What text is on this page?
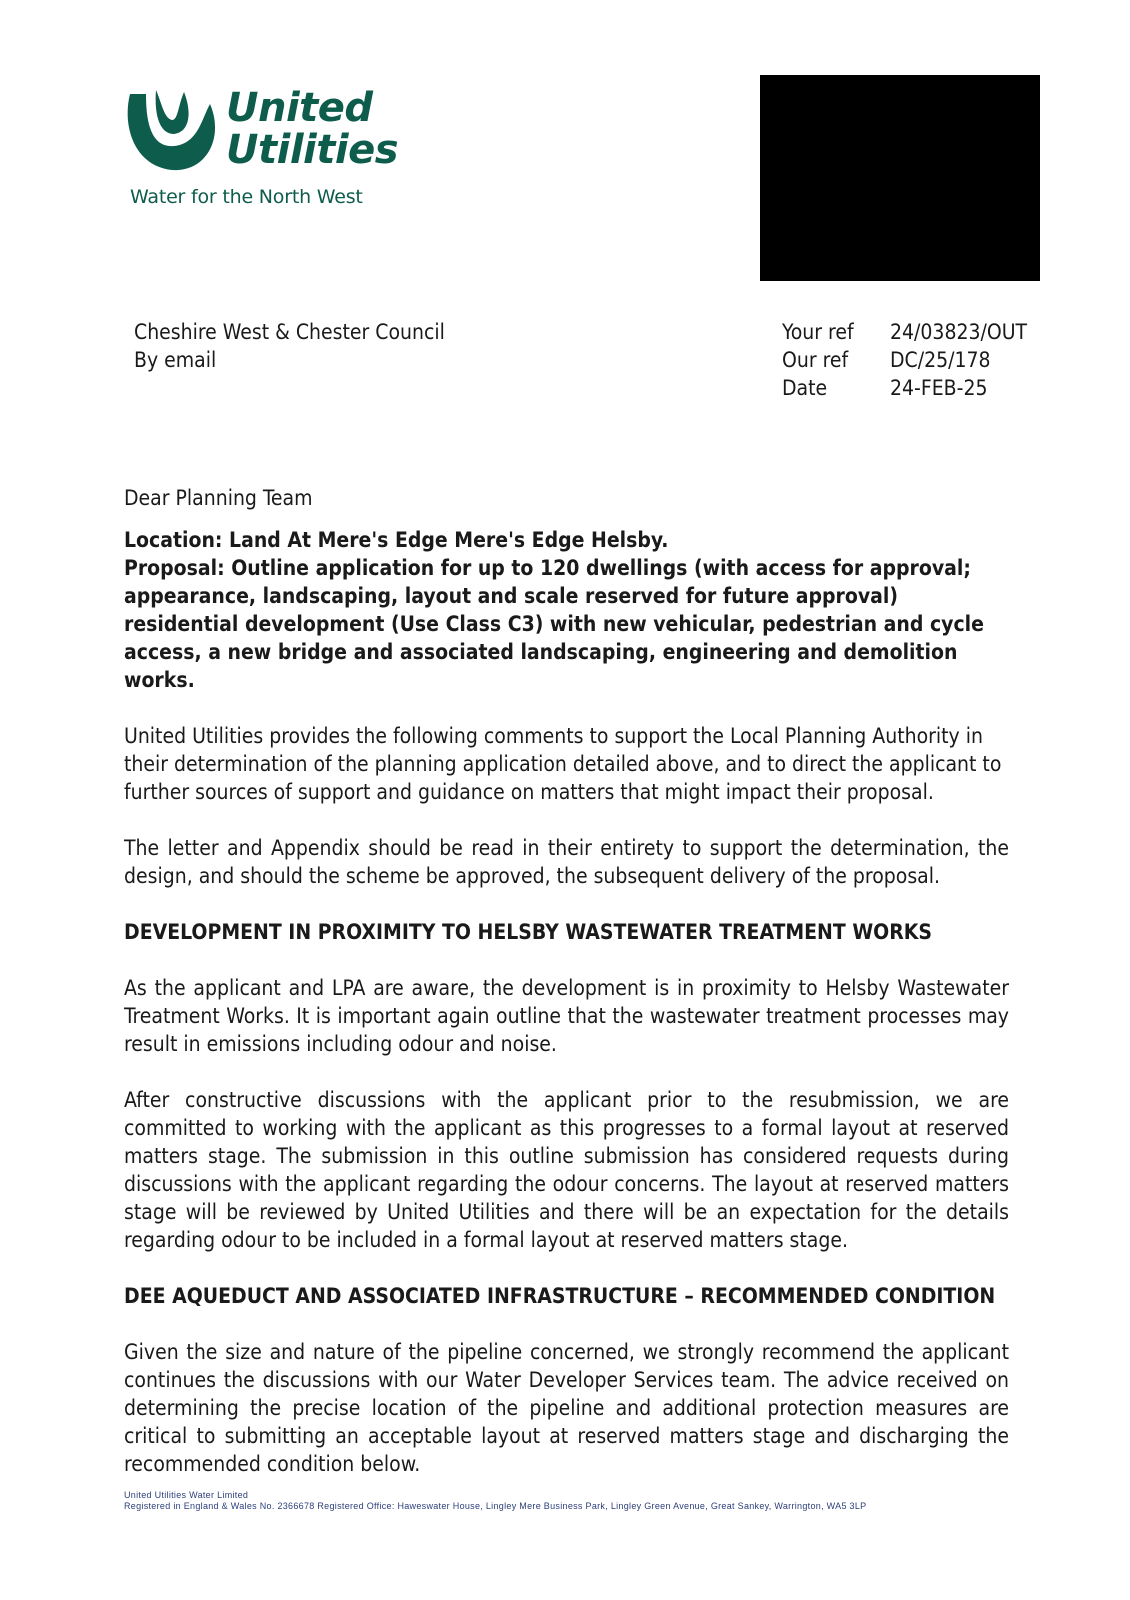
United
Utilities
Water for the North West
Cheshire West & Chester Council
By email
Your ref	24/03823/OUT
Our ref	DC/25/178
Date	24-FEB-25

Dear Planning Team

Location: Land At Mere's Edge Mere's Edge Helsby.

Proposal: Outline application for up to 120 dwellings (with access for approval; appearance, landscaping, layout and scale reserved for future approval) residential development (Use Class C3) with new vehicular, pedestrian and cycle access, a new bridge and associated landscaping, engineering and demolition works.

United Utilities provides the following comments to support the Local Planning Authority in their determination of the planning application detailed above, and to direct the applicant to further sources of support and guidance on matters that might impact their proposal.

The letter and Appendix should be read in their entirety to support the determination, the design, and should the scheme be approved, the subsequent delivery of the proposal.

DEVELOPMENT IN PROXIMITY TO HELSBY WASTEWATER TREATMENT WORKS

As the applicant and LPA are aware, the development is in proximity to Helsby Wastewater Treatment Works. It is important again outline that the wastewater treatment processes may result in emissions including odour and noise.

After constructive discussions with the applicant prior to the resubmission, we are committed to working with the applicant as this progresses to a formal layout at reserved matters stage. The submission in this outline submission has considered requests during discussions with the applicant regarding the odour concerns. The layout at reserved matters stage will be reviewed by United Utilities and there will be an expectation for the details regarding odour to be included in a formal layout at reserved matters stage.

DEE AQUEDUCT AND ASSOCIATED INFRASTRUCTURE – RECOMMENDED CONDITION

Given the size and nature of the pipeline concerned, we strongly recommend the applicant continues the discussions with our Water Developer Services team. The advice received on determining the precise location of the pipeline and additional protection measures are critical to submitting an acceptable layout at reserved matters stage and discharging the recommended condition below.

United Utilities Water Limited
Registered in England & Wales No. 2366678 Registered Office: Haweswater House, Lingley Mere Business Park, Lingley Green Avenue, Great Sankey, Warrington, WA5 3LP
